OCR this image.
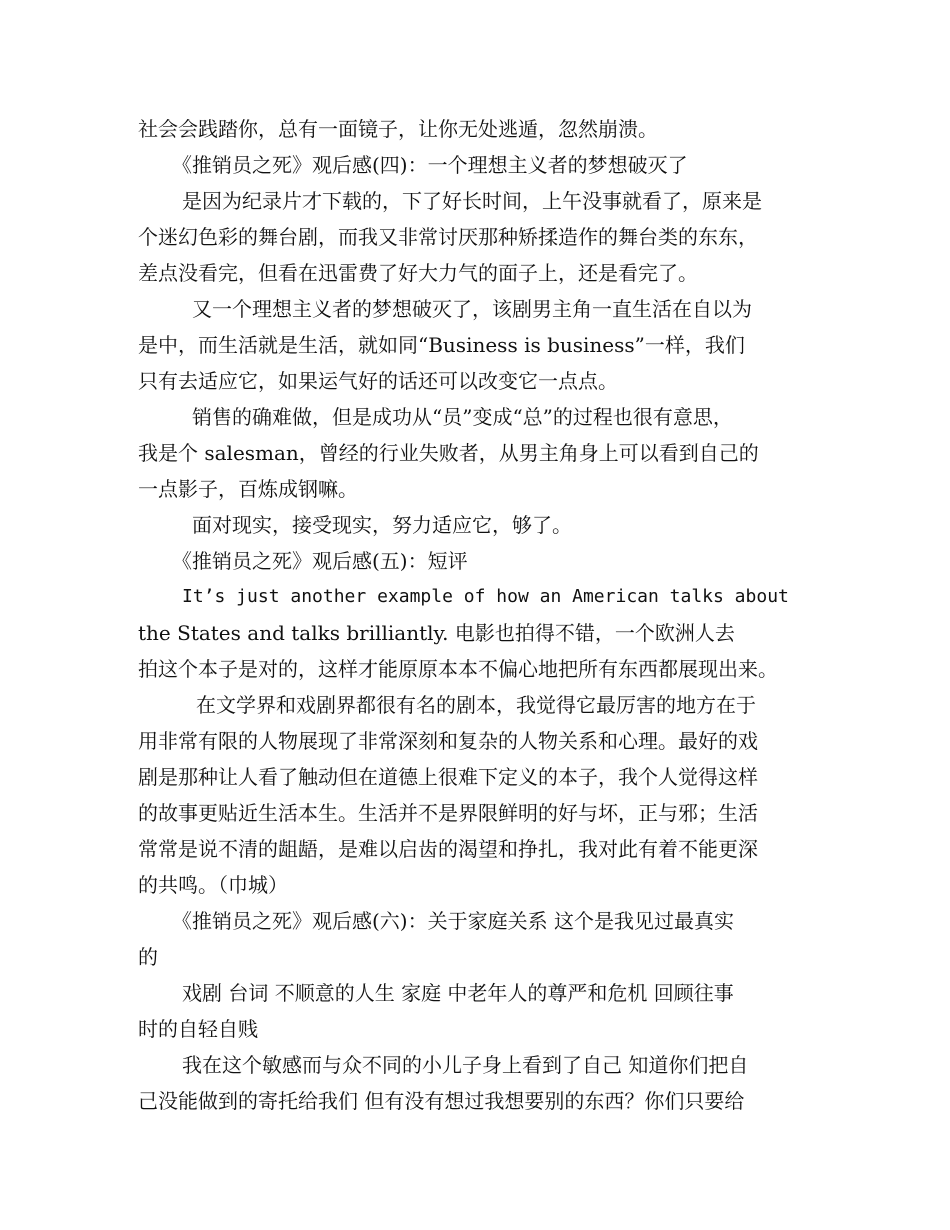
社会会践踏你，总有一面镜子，让你无处逃遁，忽然崩溃。
《推销员之死》观后感(四)：一个理想主义者的梦想破灭了
是因为纪录片才下载的，下了好长时间，上午没事就看了，原来是
个迷幻色彩的舞台剧，而我又非常讨厌那种矫揉造作的舞台类的东东，
差点没看完，但看在迅雷费了好大力气的面子上，还是看完了。
又一个理想主义者的梦想破灭了，该剧男主角一直生活在自以为
是中，而生活就是生活，就如同“Business is business”一样，我们
只有去适应它，如果运气好的话还可以改变它一点点。
销售的确难做，但是成功从“员”变成“总”的过程也很有意思，
我是个 salesman，曾经的行业失败者，从男主角身上可以看到自己的
一点影子，百炼成钢嘛。
面对现实，接受现实，努力适应它，够了。
《推销员之死》观后感(五)：短评
It’s just another example of how an American talks about
the States and talks brilliantly. 电影也拍得不错，一个欧洲人去
拍这个本子是对的，这样才能原原本本不偏心地把所有东西都展现出来。
在文学界和戏剧界都很有名的剧本，我觉得它最厉害的地方在于
用非常有限的人物展现了非常深刻和复杂的人物关系和心理。最好的戏
剧是那种让人看了触动但在道德上很难下定义的本子，我个人觉得这样
的故事更贴近生活本生。生活并不是界限鲜明的好与坏，正与邪；生活
常常是说不清的龃龉，是难以启齿的渴望和挣扎，我对此有着不能更深
的共鸣。（巾城）
《推销员之死》观后感(六)：关于家庭关系 这个是我见过最真实
的
戏剧 台词 不顺意的人生 家庭 中老年人的尊严和危机 回顾往事
时的自轻自贱
我在这个敏感而与众不同的小儿子身上看到了自己 知道你们把自
己没能做到的寄托给我们 但有没有想过我想要别的东西？你们只要给
